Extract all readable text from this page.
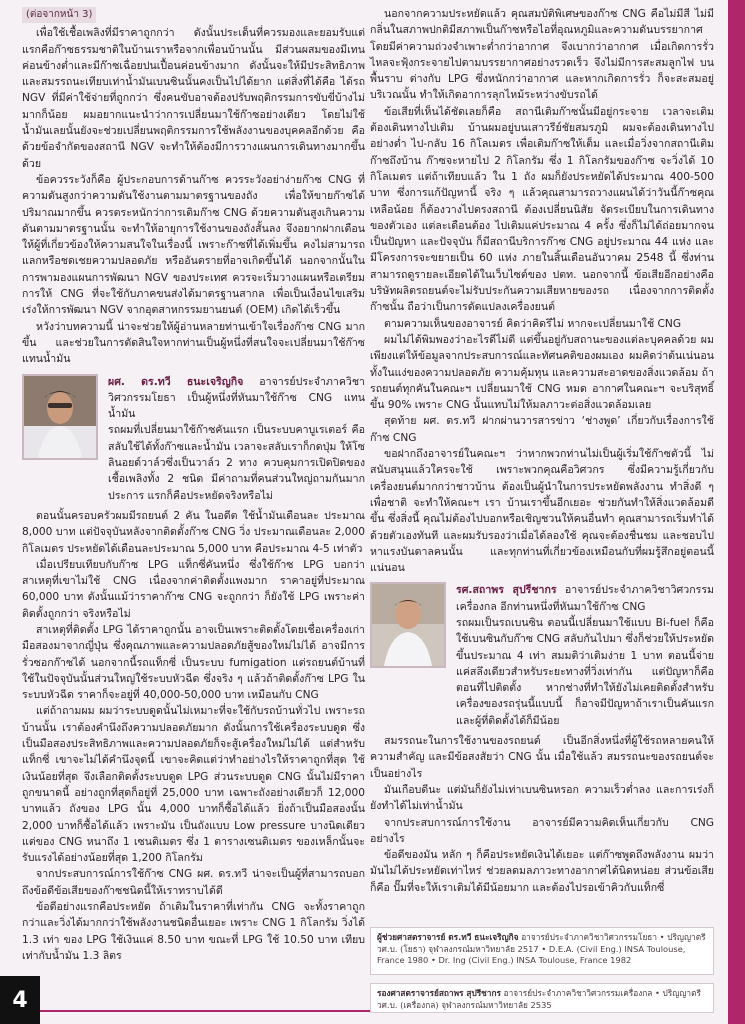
(ต่อจากหน้า 3)

เพื่อใช้เชื้อเพลิงที่มีราคาถูกกว่า ดังนั้นประเด็นที่ควรมองและยอมรับแต่แรกคือก๊าซธรรมชาติในบ้านเราหรือจากเพื่อนบ้านนั้น มีส่วนผสมของมีเทนค่อนข้างต่ำและมีก๊าซเฉื่อยปนเปื้อนค่อนข้างมาก ดังนั้นจะให้มีประสิทธิภาพและสมรรถนะเทียบเท่าน้ำมันเบนซินนั้นคงเป็นไปได้ยาก แต่สิ่งที่ได้คือ ได้รถ NGV ที่มีค่าใช้จ่ายที่ถูกกว่า ซึ่งคนขับอาจต้องปรับพฤติกรรมการขับขี่บ้างไม่มากก็น้อย ผมอยากแนะนำว่าการเปลี่ยนมาใช้ก๊าซอย่างเดียว โดยไม่ใช้น้ำมันเลยนั้นยังจะช่วยเปลี่ยนพฤติกรรมการใช้พลังงานของบุคคลอีกด้วย คือด้วยข้อจำกัดของสถานี NGV จะทำให้ต้องมีการวางแผนการเดินทางมากขึ้นด้วย

ข้อควรระวังก็คือ ผู้ประกอบการด้านก๊าซ ควรระวังอย่าง่ายก๊าซ CNG ที่ความดันสูงกว่าความดันใช้งานตามมาตรฐานของถัง เพื่อให้ขายก๊าซได้ปริมาณมากขึ้น ควรตระหนักว่าการเติมก๊าซ CNG ด้วยความดันสูงเกินความดันตามมาตรฐานนั้น จะทำให้อายุการใช้งานของถังสั้นลง จึงอยากฝากเตือนให้ผู้ที่เกี่ยวข้องให้ความสนใจในเรื่องนี้ เพราะก๊าซที่ได้เพิ่มขึ้น คงไม่สามารถแลกหรือชดเชยความปลอดภัย หรืออันตรายที่อาจเกิดขึ้นได้ นอกจากนั้นในการพามองแผนการพัฒนา NGV ของประเทศ ควรจะเริ่มวางแผนหรือเตรียมการให้ CNG ที่จะใช้กับภาคขนส่งได้มาตรฐานสากล เพื่อเป็นเงื่อนไขเสริม เร่งให้การพัฒนา NGV จากอุตสาหกรรมยานยนต์ (OEM) เกิดได้เร็วขึ้น

หวังว่าบทความนี้ น่าจะช่วยให้ผู้อ่านหลายท่านเข้าใจเรื่องก๊าซ CNG มากขึ้น และช่วยในการตัดสินใจหากท่านเป็นผู้หนึ่งที่สนใจจะเปลี่ยนมาใช้ก๊าซแทนน้ำมัน

ผศ. ดร.ทวี ธนะเจริญกิจ อาจารย์ประจำภาควิชาวิศวกรรมโยธา เป็นผู้หนึ่งที่หันมาใช้ก๊าซ CNG แทนน้ำมัน

รถผมที่เปลี่ยนมาใช้ก๊าซคันแรก เป็นระบบคาบูเรเตอร์ คือสลับใช้ได้ทั้งก๊าซและน้ำมัน เวลาจะสลับเราก็กดปุ่ม ให้โซลินอยด์วาล์วซึ่งเป็นวาล์ว 2 ทาง ควบคุมการเปิดปิดของเชื้อเพลิงทั้ง 2 ชนิด มีค่าถามที่คนส่วนใหญ่ถามกันมาก ประการ แรกก็คือประหยัดจริงหรือไม่

ตอนนั้นครอบครัวผมมีรถยนต์ 2 คัน ในอดีต ใช้น้ำมันเดือนละ ประมาณ 8,000 บาท แต่ปัจจุบันหลังจากติดตั้งก๊าซ CNG วิ่ง ประมาณเดือนละ 2,000 กิโลเมตร ประหยัดได้เดือนละประมาณ 5,000 บาท คือประมาณ 4-5 เท่าตัว

เมื่อเปรียบเทียบกับก๊าซ LPG แท็กซี่คันหนึ่ง ซึ่งใช้ก๊าซ LPG บอกว่า สาเหตุที่เขาไม่ใช้ CNG เนื่องจากค่าติดตั้งแพงมาก ราคาอยู่ที่ประมาณ 60,000 บาท ดังนั้นแม้ว่าราคาก๊าซ CNG จะถูกกว่า ก็ยังใช้ LPG เพราะค่าติดตั้งถูกกว่า จริงหรือไม่

สาเหตุที่ติดตั้ง LPG ได้ราคาถูกนั้น อาจเป็นเพราะติดตั้งโดยเชื่อเครื่องเก่ามือสองมาจากญี่ปุ่น ซึ่งคุณภาพและความปลอดภัยสู้ของใหม่ไม่ได้ อาจมีการรั่วซอกก๊าซได้ นอกจากนี้รถแท็กซี่ เป็นระบบ fumigation แต่รถยนต์บ้านที่ใช้ในปัจจุบันนั้นส่วนใหญ่ใช้ระบบหัวฉีด ซึ่งจริง ๆ แล้วถ้าติดตั้งก๊าซ LPG ในระบบหัวฉีด ราคาก็จะอยู่ที่ 40,000-50,000 บาท เหมือนกับ CNG

แต่ถ้าถามผม ผมว่าระบบดูดนั้นไม่เหมาะที่จะใช้กับรถบ้านทั่วไป เพราะรถบ้านนั้น เราต้องคำนึงถึงความปลอดภัยมาก ดังนั้นการใช้เครื่องระบบดูด ซึ่งเป็นมือสองประสิทธิภาพและความปลอดภัยก็จะสู้เครื่องใหม่ไม่ได้ แต่สำหรับแท็กซี่ เขาจะไม่ได้คำนึงจุดนี้ เขาจะคิดแต่ว่าทำอย่างไรให้ราคาถูกที่สุด ใช้เงินน้อยที่สุด จึงเลือกติดตั้งระบบดูด LPG ส่วนระบบดูด CNG นั้นไม่มีราคาถูกขนาดนี้ อย่างถูกที่สุดก็อยู่ที่ 25,000 บาท เฉพาะถังอย่างเดียวก็ 12,000 บาทแล้ว ถังของ LPG นั้น 4,000 บาทก็ซื้อได้แล้ว ยิ่งถ้าเป็นมือสองนั้น 2,000 บาทก็ซื้อได้แล้ว เพราะมัน เป็นถังแบบ Low pressure บางนิดเดียว แต่ของ CNG หนาถึง 1 เซนติเมตร ซึ่ง 1 ตารางเซนติเมตร ของเหล็กนั้นจะรับแรงได้อย่างน้อยที่สุด 1,200 กิโลกรัม

จากประสบการณ์การใช้ก๊าซ CNG ผศ. ดร.ทวี น่าจะเป็นผู้ที่สามารถบอกถึงข้อดีข้อเสียของก๊าซชนิดนี้ให้เราทราบได้ดี

ข้อดีอย่างแรกคือประหยัด ถ้าเติมในราคาที่เท่ากัน CNG จะทั้งราคาถูกกว่าและวิ่งได้มากกว่าใช้พลังงานชนิดอื่นเยอะ เพราะ CNG 1 กิโลกรัม วิ่งได้ 1.3 เท่า ของ LPG ใช้เงินแค่ 8.50 บาท ขณะที่ LPG ใช้ 10.50 บาท เทียบเท่ากับน้ำมัน 1.3 ลิตร

นอกจากความประหยัดแล้ว คุณสมบัติพิเศษของก๊าซ CNG คือไม่มีสี ไม่มีกลิ่นในสภาพปกติมีสภาพเป็นก๊าซหรือไอที่อุณหภูมิและความดันบรรยากาศ โดยมีค่าความถ่วงจำเพาะต่ำกว่าอากาศ จึงเบากว่าอากาศ เมื่อเกิดการรั่วไหลจะฟุ้งกระจายไปตามบรรยากาศอย่างรวดเร็ว จึงไม่มีการสะสมลูกไฟ บนพื้นราบ ต่างกับ LPG ซึ่งหนักกว่าอากาศ และหากเกิดการรั่ว ก็จะสะสมอยู่บริเวณนั้น ทำให้เกิดอาการลุกไหม้ระหว่างขับรถได้

ข้อเสียที่เห็นได้ชัดเลยก็คือ สถานีเติมก๊าซนั้นมีอยู่กระจาย เวลาจะเติม ต้องเดินทางไปเติม บ้านผมอยู่บนเสาวรีย์ชัยสมรภูมิ ผมจะต้องเดินทางไปอย่างต่ำ ไป-กลับ 16 กิโลเมตร เพื่อเติมก๊าซให้เต็ม และเมื่อวิ่งจากสถานีเติมก๊าซถึงบ้าน ก๊าซจะหายไป 2 กิโลกรัม ซึ่ง 1 กิโลกรัมของก๊าซ จะวิ่งได้ 10 กิโลเมตร แต่ถ้าเทียบแล้ว ใน 1 ถัง ผมก็ยังประหยัดได้ประมาณ 400-500 บาท ซึ่งการแก้ปัญหานี้ จริง ๆ แล้วคุณสามารถวางแผนได้ว่าวันนี้ก๊าซคุณเหลือน้อย ก็ต้องวางไปตรงสถานี ต้องเปลี่ยนนิสัย จัดระเบียบในการเดินทางของตัวเอง แต่ละเดือนต้อง ไปเติมแค่ประมาณ 4 ครั้ง ซึ่งก็ไม่ได้ถ่อยมากจนเป็นปัญหา และปัจจุบัน ก็มีสถานีบริการก๊าซ CNG อยู่ประมาณ 44 แห่ง และมีโครงการจะขยายเป็น 60 แห่ง ภายในสิ้นเดือนอันวาคม 2548 นี้ ซึ่งท่านสามารถดูรายละเอียดได้ในเว็บไซต์ของ ปตท. นอกจากนี้ ข้อเสียอีกอย่างคือ บริษัทผลิตรถยนต์จะไม่รับประกันความเสียหายของรถ เนื่องจากการติดตั้งก๊าซนั้น ถือว่าเป็นการดัดแปลงเครื่องยนต์

ตามความเห็นของอาจารย์ คิดว่าคิดรึไม่ หากจะเปลี่ยนมาใช้ CNG

ผมไม่ได้พิมพองว่าอะไรดีไม่ดี แต่ขึ้นอยู่กับสถานะของแต่ละบุคคลด้วย ผมเพียงแต่ให้ข้อมูลจากประสบการณ์และทัศนคติของผมเอง ผมคิดว่าต้นเน่นอน ทั้งในแง่ของความปลอดภัย ความคุ้มทุน และความสะอาดของสิ่งแวดล้อม ถ้ารถยนต์ทุกคันในคณะฯ เปลี่ยนมาใช้ CNG หมด อากาศในคณะฯ จะบริสุทธิ์ขึ้น 90% เพราะ CNG นั้นแทบไม่ให้มลภาวะต่อสิ่งแวดล้อมเลย

สุดท้าย ผศ. ดร.ทวี ฝากผ่านวารสารข่าว ‘ช่างพูด’ เกี่ยวกับเรื่องการใช้ก๊าซ CNG

ขอฝากถึงอาจารย์ในคณะฯ ว่าหากพวกท่านไม่เป็นผู้เริ่มใช้ก๊าซตัวนี้ ไม่สนับสนุนแล้วใครจะใช้ เพราะพวกคุณคือวิศวกร ซึ่งมีความรู้เกี่ยวกับเครื่องยนต์มากกว่าชาวบ้าน ต้องเป็นผู้นำในการประหยัดพลังงาน ทำสิ่งดี ๆ เพื่อชาติ จะทำให้คณะฯ เรา บ้านเราขึ้นอีกเยอะ ช่วยกันทำให้สิ่งแวดล้อมดีขึ้น ซึ่งสิ่งนี้ คุณไม่ต้องไปบอกหรือเชิญชวนให้คนอื่นทำ คุณสามารถเริ่มทำได้ด้วยตัวเองทันที และผมรับรองว่าเมื่อได้ลองใช้ คุณจะต้องชื่นชม และชอบไปหาแรงบันดาลคนนั้น และทุกท่านที่เกี่ยวข้องเหมือนกับที่ผมรู้สึกอยู่ตอนนี้แน่นอน

รศ.สถาพร สุปรีชากร อาจารย์ประจำภาควิชาวิศวกรรมเครื่องกล อีกท่านหนึ่งที่หันมาใช้ก๊าซ CNG

รถผมเป็นรถเบนซิน ตอนนี้เปลี่ยนมาใช้แบบ Bi-fuel ก็คือใช้เบนซินกับก๊าซ CNG สลับกันไปมา ซึ่งก็ช่วยให้ประหยัดขึ้นประมาณ 4 เท่า สมมติว่าเติมง่าย 1 บาท ตอนนี้จ่ายแค่สลึงเดียวสำหรับระยะทางที่วิ่งเท่ากัน แต่ปัญหาก็คือ ตอนที่ไปติดตั้ง หากช่างที่ทำให้ยังไม่เคยติดตั้งสำหรับเครื่องของรถรุ่นนี้แบบนี้ ก็อาจมีปัญหาถ้าเราเป็นคันแรก และผู้ที่ติดตั้งได้ก็มีน้อย

สมรรถนะในการใช้งานของรถยนต์ เป็นอีกสิ่งหนึ่งที่ผู้ใช้รถหลายคนให้ความสำคัญ และมีข้อสงสัยว่า CNG นั้น เมื่อใช้แล้ว สมรรถนะของรถยนต์จะเป็นอย่างไร

มันเกือบดีนะ แต่มันก็ยังไม่เท่าเบนซินหรอก ความเร็วต่ำลง และการเร่งก็ยังทำได้ไม่เท่าน้ำมัน

จากประสบการณ์การใช้งาน อาจารย์มีความคิดเห็นเกี่ยวกับ CNG อย่างไร

ข้อดีของมัน หลัก ๆ ก็คือประหยัดเงินได้เยอะ แต่ก๊าซพูดถึงพลังงาน ผมว่ามันไม่ได้ประหยัดเท่าไหร่ ช่วยลดมลภาวะทางอากาศได้นิดหน่อย ส่วนข้อเสียก็คือ ปั๊มที่จะให้เราเติมได้มีน้อยมาก และต้องไปรอเข้าคิวกับแท็กซี่

ผู้ช่วยศาสตราจารย์ ดร.ทวี ธนะเจริญกิจ อาจารย์ประจำภาควิชาวิศวกรรมโยธา • ปริญญาตรี วศ.บ. (โยธา) จุฬาลงกรณ์มหาวิทยาลัย 2517 • D.E.A. (Civil Eng.) INSA Toulouse, France 1980 • Dr. Ing (Civil Eng.) INSA Toulouse, France 1982
รองศาสตราจารย์สถาพร สุปรีชากร อาจารย์ประจำภาควิชาวิศวกรรมเครื่องกล • ปริญญาตรี วศ.บ. (เครื่องกล) จุฬาลงกรณ์มหาวิทยาลัย 2535
4
